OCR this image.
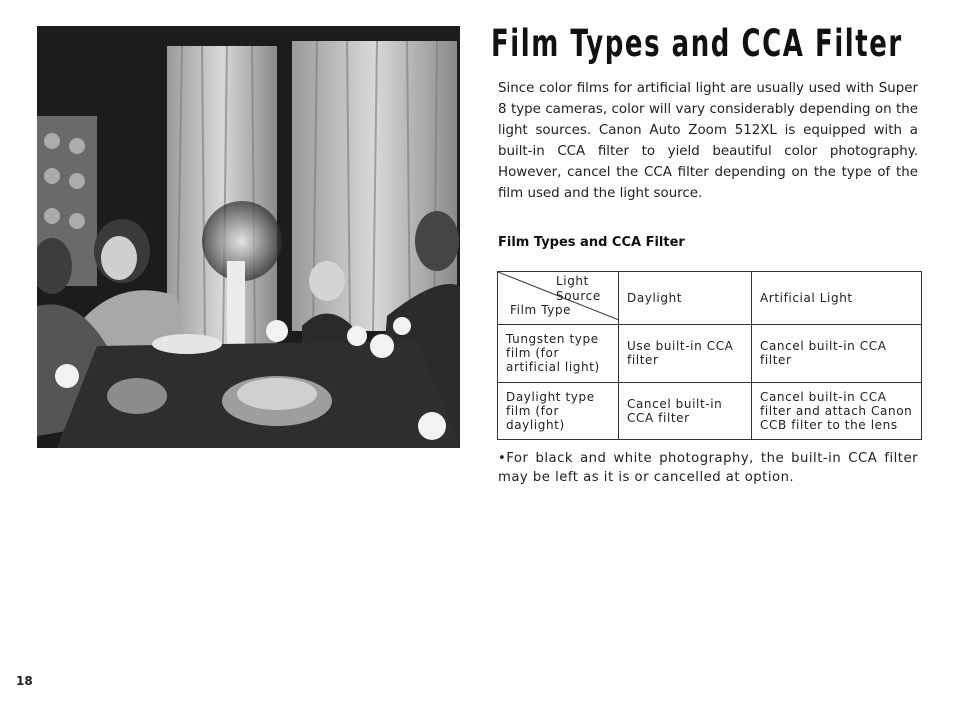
Film Types and CCA Filter

Since color films for artificial light are usually used with Super 8 type cameras, color will vary considerably depending on the light sources. Canon Auto Zoom 512XL is equipped with a built-in CCA filter to yield beautiful color photography. However, cancel the CCA filter depending on the type of the film used and the light source.

Film Types and CCA Filter
Light Source
Film Type	Daylight	Artificial Light
Tungsten type film (for artificial light)	Use built-in CCA filter	Cancel built-in CCA filter
Daylight type film (for daylight)	Cancel built-in CCA filter	Cancel built-in CCA filter and attach Canon CCB filter to the lens

•For black and white photography, the built-in CCA filter may be left as it is or cancelled at option.

18
